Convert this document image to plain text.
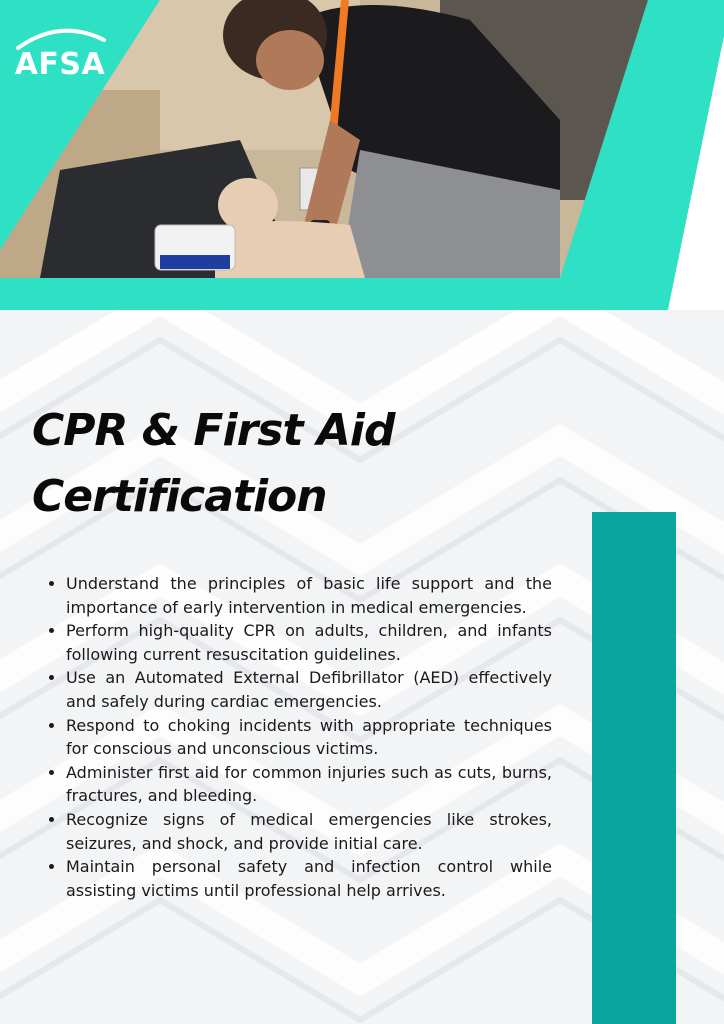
AFSA
CPR & First Aid
Certification
• Understand the principles of basic life support and the importance of early intervention in medical emergencies.
• Perform high-quality CPR on adults, children, and infants following current resuscitation guidelines.
• Use an Automated External Defibrillator (AED) effectively and safely during cardiac emergencies.
• Respond to choking incidents with appropriate techniques for conscious and unconscious victims.
• Administer first aid for common injuries such as cuts, burns, fractures, and bleeding.
• Recognize signs of medical emergencies like strokes, seizures, and shock, and provide initial care.
• Maintain personal safety and infection control while assisting victims until professional help arrives.
